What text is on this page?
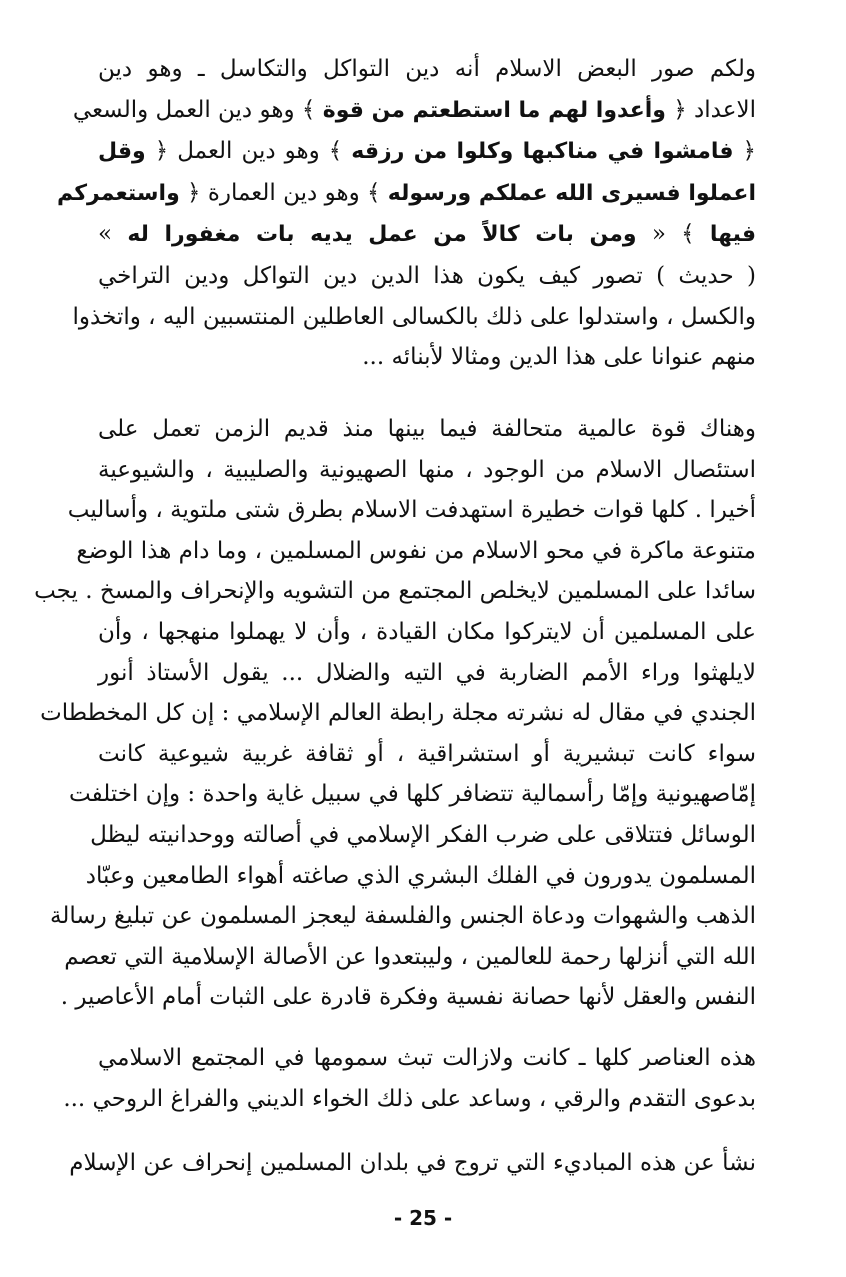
ولكم صور البعض الاسلام أنه دين التواكل والتكاسل ـ وهو دين
الاعداد ﴿ وأعدوا لهم ما استطعتم من قوة ﴾ وهو دين العمل والسعي
﴿ فامشوا في مناكبها وكلوا من رزقه ﴾ وهو دين العمل ﴿ وقل
اعملوا فسيرى الله عملكم ورسوله ﴾ وهو دين العمارة ﴿ واستعمركم
فيها ﴾ « ومن بات كالاً من عمل يديه بات مغفورا له »
( حديث ) تصور كيف يكون هذا الدين دين التواكل ودين التراخي
والكسل ، واستدلوا على ذلك بالكسالى العاطلين المنتسبين اليه ، واتخذوا
منهم عنوانا على هذا الدين ومثالا لأبنائه ...

وهناك قوة عالمية متحالفة فيما بينها منذ قديم الزمن تعمل على
استئصال الاسلام من الوجود ، منها الصهيونية والصليبية ، والشيوعية
أخيرا . كلها قوات خطيرة استهدفت الاسلام بطرق شتى ملتوية ، وأساليب
متنوعة ماكرة في محو الاسلام من نفوس المسلمين ، وما دام هذا الوضع
سائدا على المسلمين لايخلص المجتمع من التشويه والإنحراف والمسخ . يجب
على المسلمين أن لايتركوا مكان القيادة ، وأن لا يهملوا منهجها ، وأن
لايلهثوا وراء الأمم الضاربة في التيه والضلال ... يقول الأستاذ أنور
الجندي في مقال له نشرته مجلة رابطة العالم الإسلامي : إن كل المخططات
سواء كانت تبشيرية أو استشراقية ، أو ثقافة غربية شيوعية كانت
إمّاصهيونية وإمّا رأسمالية تتضافر كلها في سبيل غاية واحدة : وإن اختلفت
الوسائل فتتلاقى على ضرب الفكر الإسلامي في أصالته ووحدانيته ليظل
المسلمون يدورون في الفلك البشري الذي صاغته أهواء الطامعين وعبّاد
الذهب والشهوات ودعاة الجنس والفلسفة ليعجز المسلمون عن تبليغ رسالة
الله التي أنزلها رحمة للعالمين ، وليبتعدوا عن الأصالة الإسلامية التي تعصم
النفس والعقل لأنها حصانة نفسية وفكرة قادرة على الثبات أمام الأعاصير .

هذه العناصر كلها ـ كانت ولازالت تبث سمومها في المجتمع الاسلامي
بدعوى التقدم والرقي ، وساعد على ذلك الخواء الديني والفراغ الروحي ...

نشأ عن هذه المباديء التي تروج في بلدان المسلمين إنحراف عن الإسلام

- 25 -
